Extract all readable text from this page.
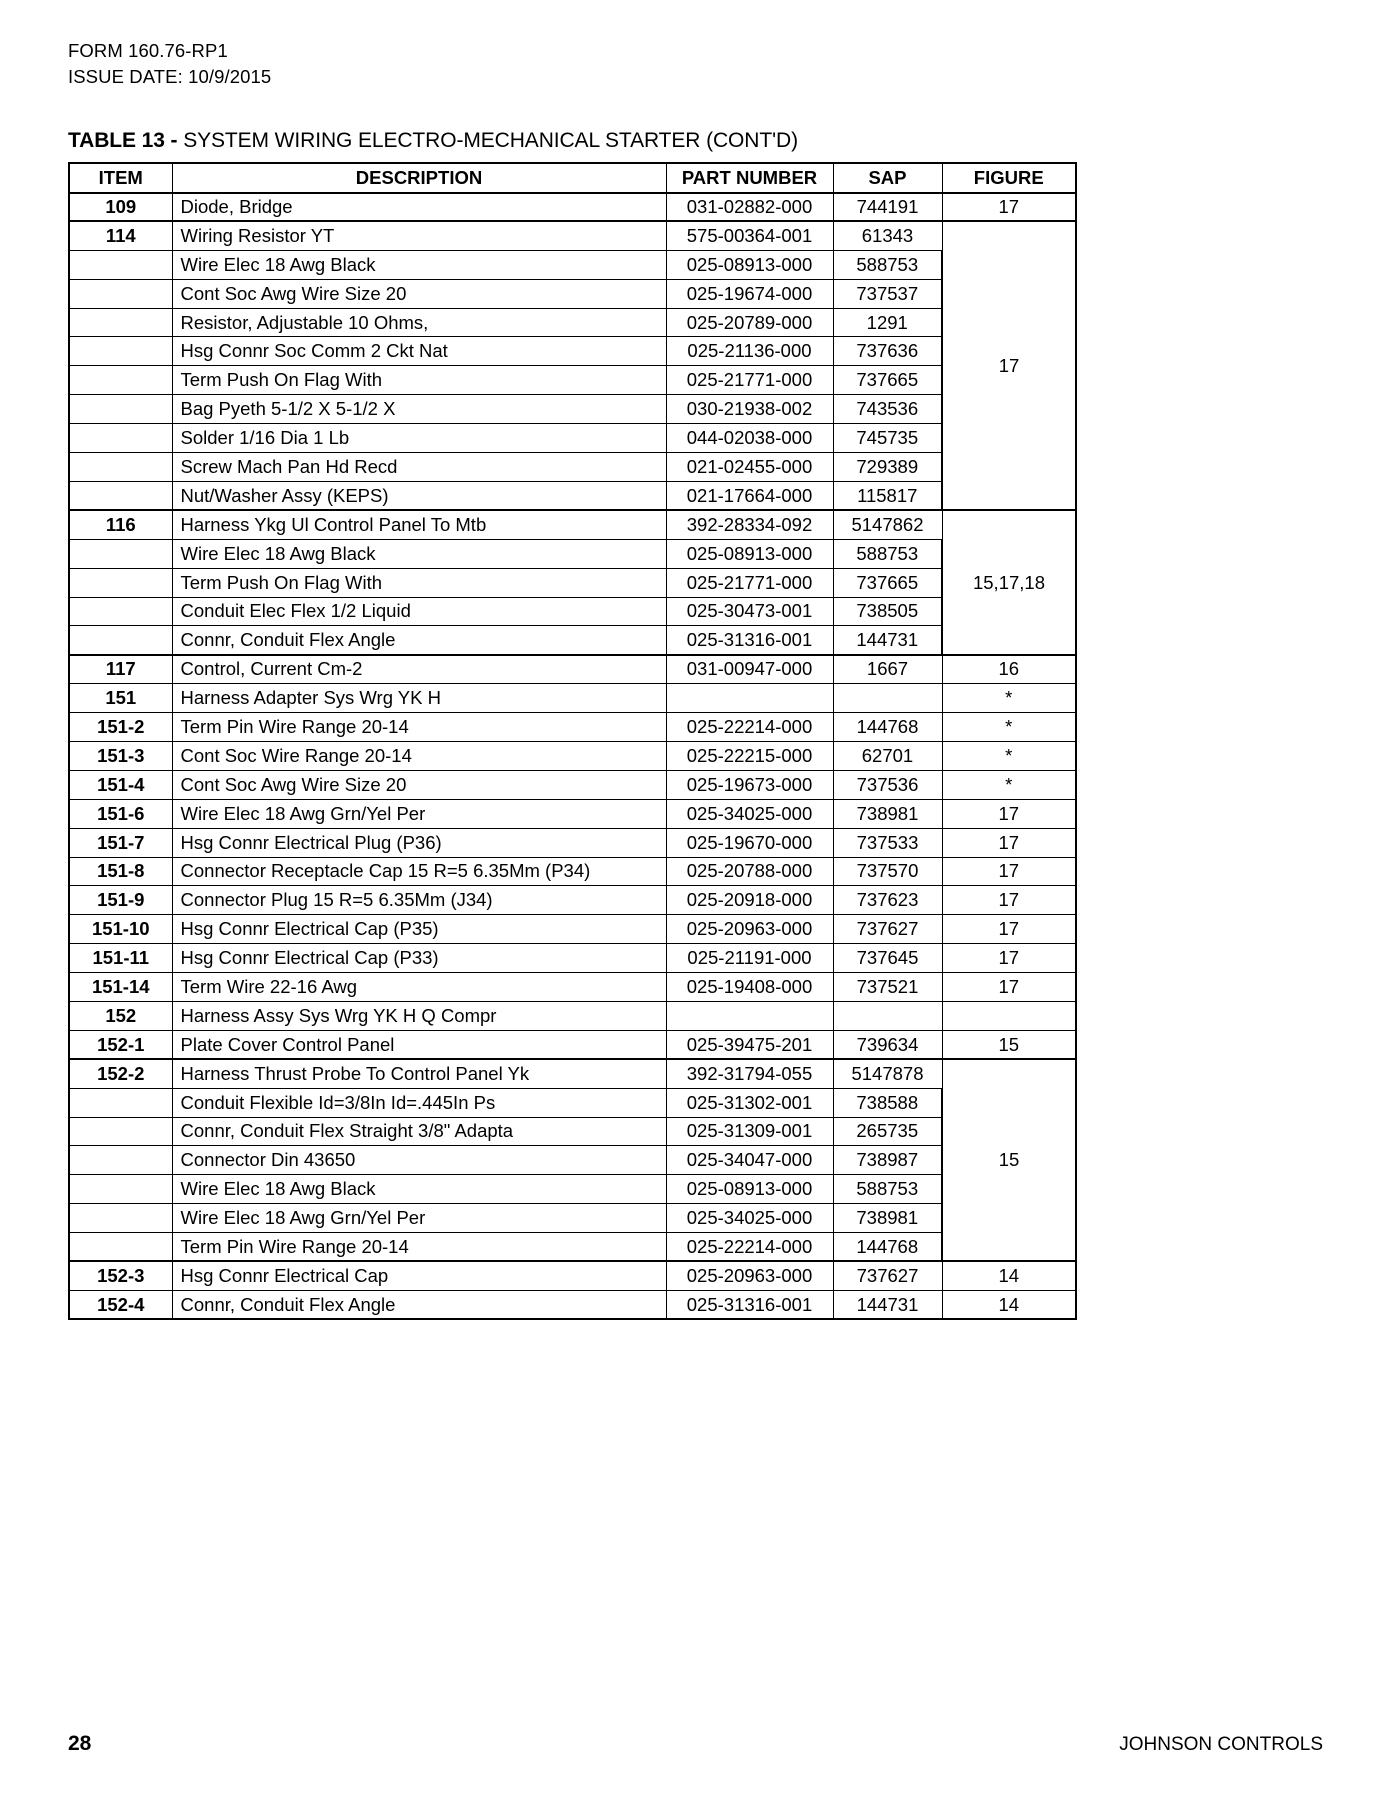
FORM 160.76-RP1
ISSUE DATE: 10/9/2015
TABLE 13 - SYSTEM WIRING ELECTRO-MECHANICAL STARTER (CONT'D)
ITEM	DESCRIPTION	PART NUMBER	SAP	FIGURE
109	Diode, Bridge	031-02882-000	744191	17
114	Wiring Resistor YT	575-00364-001	61343	17
	Wire Elec 18 Awg Black	025-08913-000	588753	
	Cont Soc Awg Wire Size 20	025-19674-000	737537	
	Resistor, Adjustable 10 Ohms,	025-20789-000	1291	
	Hsg Connr Soc Comm 2 Ckt Nat	025-21136-000	737636	
	Term Push On Flag With	025-21771-000	737665	
	Bag Pyeth 5-1/2 X 5-1/2 X	030-21938-002	743536	
	Solder 1/16 Dia 1 Lb	044-02038-000	745735	
	Screw Mach Pan Hd Recd	021-02455-000	729389	
	Nut/Washer Assy (KEPS)	021-17664-000	115817	
116	Harness Ykg Ul Control Panel To Mtb	392-28334-092	5147862	15,17,18
	Wire Elec 18 Awg Black	025-08913-000	588753	
	Term Push On Flag With	025-21771-000	737665	
	Conduit Elec Flex 1/2 Liquid	025-30473-001	738505	
	Connr, Conduit Flex Angle	025-31316-001	144731	
117	Control, Current Cm-2	031-00947-000	1667	16
151	Harness Adapter Sys Wrg YK H			*
151-2	Term Pin Wire Range 20-14	025-22214-000	144768	*
151-3	Cont Soc Wire Range 20-14	025-22215-000	62701	*
151-4	Cont Soc Awg Wire Size 20	025-19673-000	737536	*
151-6	Wire Elec 18 Awg Grn/Yel Per	025-34025-000	738981	17
151-7	Hsg Connr Electrical Plug (P36)	025-19670-000	737533	17
151-8	Connector Receptacle Cap 15 R=5 6.35Mm (P34)	025-20788-000	737570	17
151-9	Connector Plug 15 R=5 6.35Mm (J34)	025-20918-000	737623	17
151-10	Hsg Connr Electrical Cap (P35)	025-20963-000	737627	17
151-11	Hsg Connr Electrical Cap (P33)	025-21191-000	737645	17
151-14	Term Wire 22-16 Awg	025-19408-000	737521	17
152	Harness Assy Sys Wrg YK H Q Compr			
152-1	Plate Cover Control Panel	025-39475-201	739634	15
152-2	Harness Thrust Probe To Control Panel Yk	392-31794-055	5147878	15
	Conduit Flexible Id=3/8In Id=.445In Ps	025-31302-001	738588	
	Connr, Conduit Flex Straight 3/8" Adapta	025-31309-001	265735	
	Connector Din 43650	025-34047-000	738987	
	Wire Elec 18 Awg Black	025-08913-000	588753	
	Wire Elec 18 Awg Grn/Yel Per	025-34025-000	738981	
	Term Pin Wire Range 20-14	025-22214-000	144768	
152-3	Hsg Connr Electrical Cap	025-20963-000	737627	14
152-4	Connr, Conduit Flex Angle	025-31316-001	144731	14
28	JOHNSON CONTROLS
